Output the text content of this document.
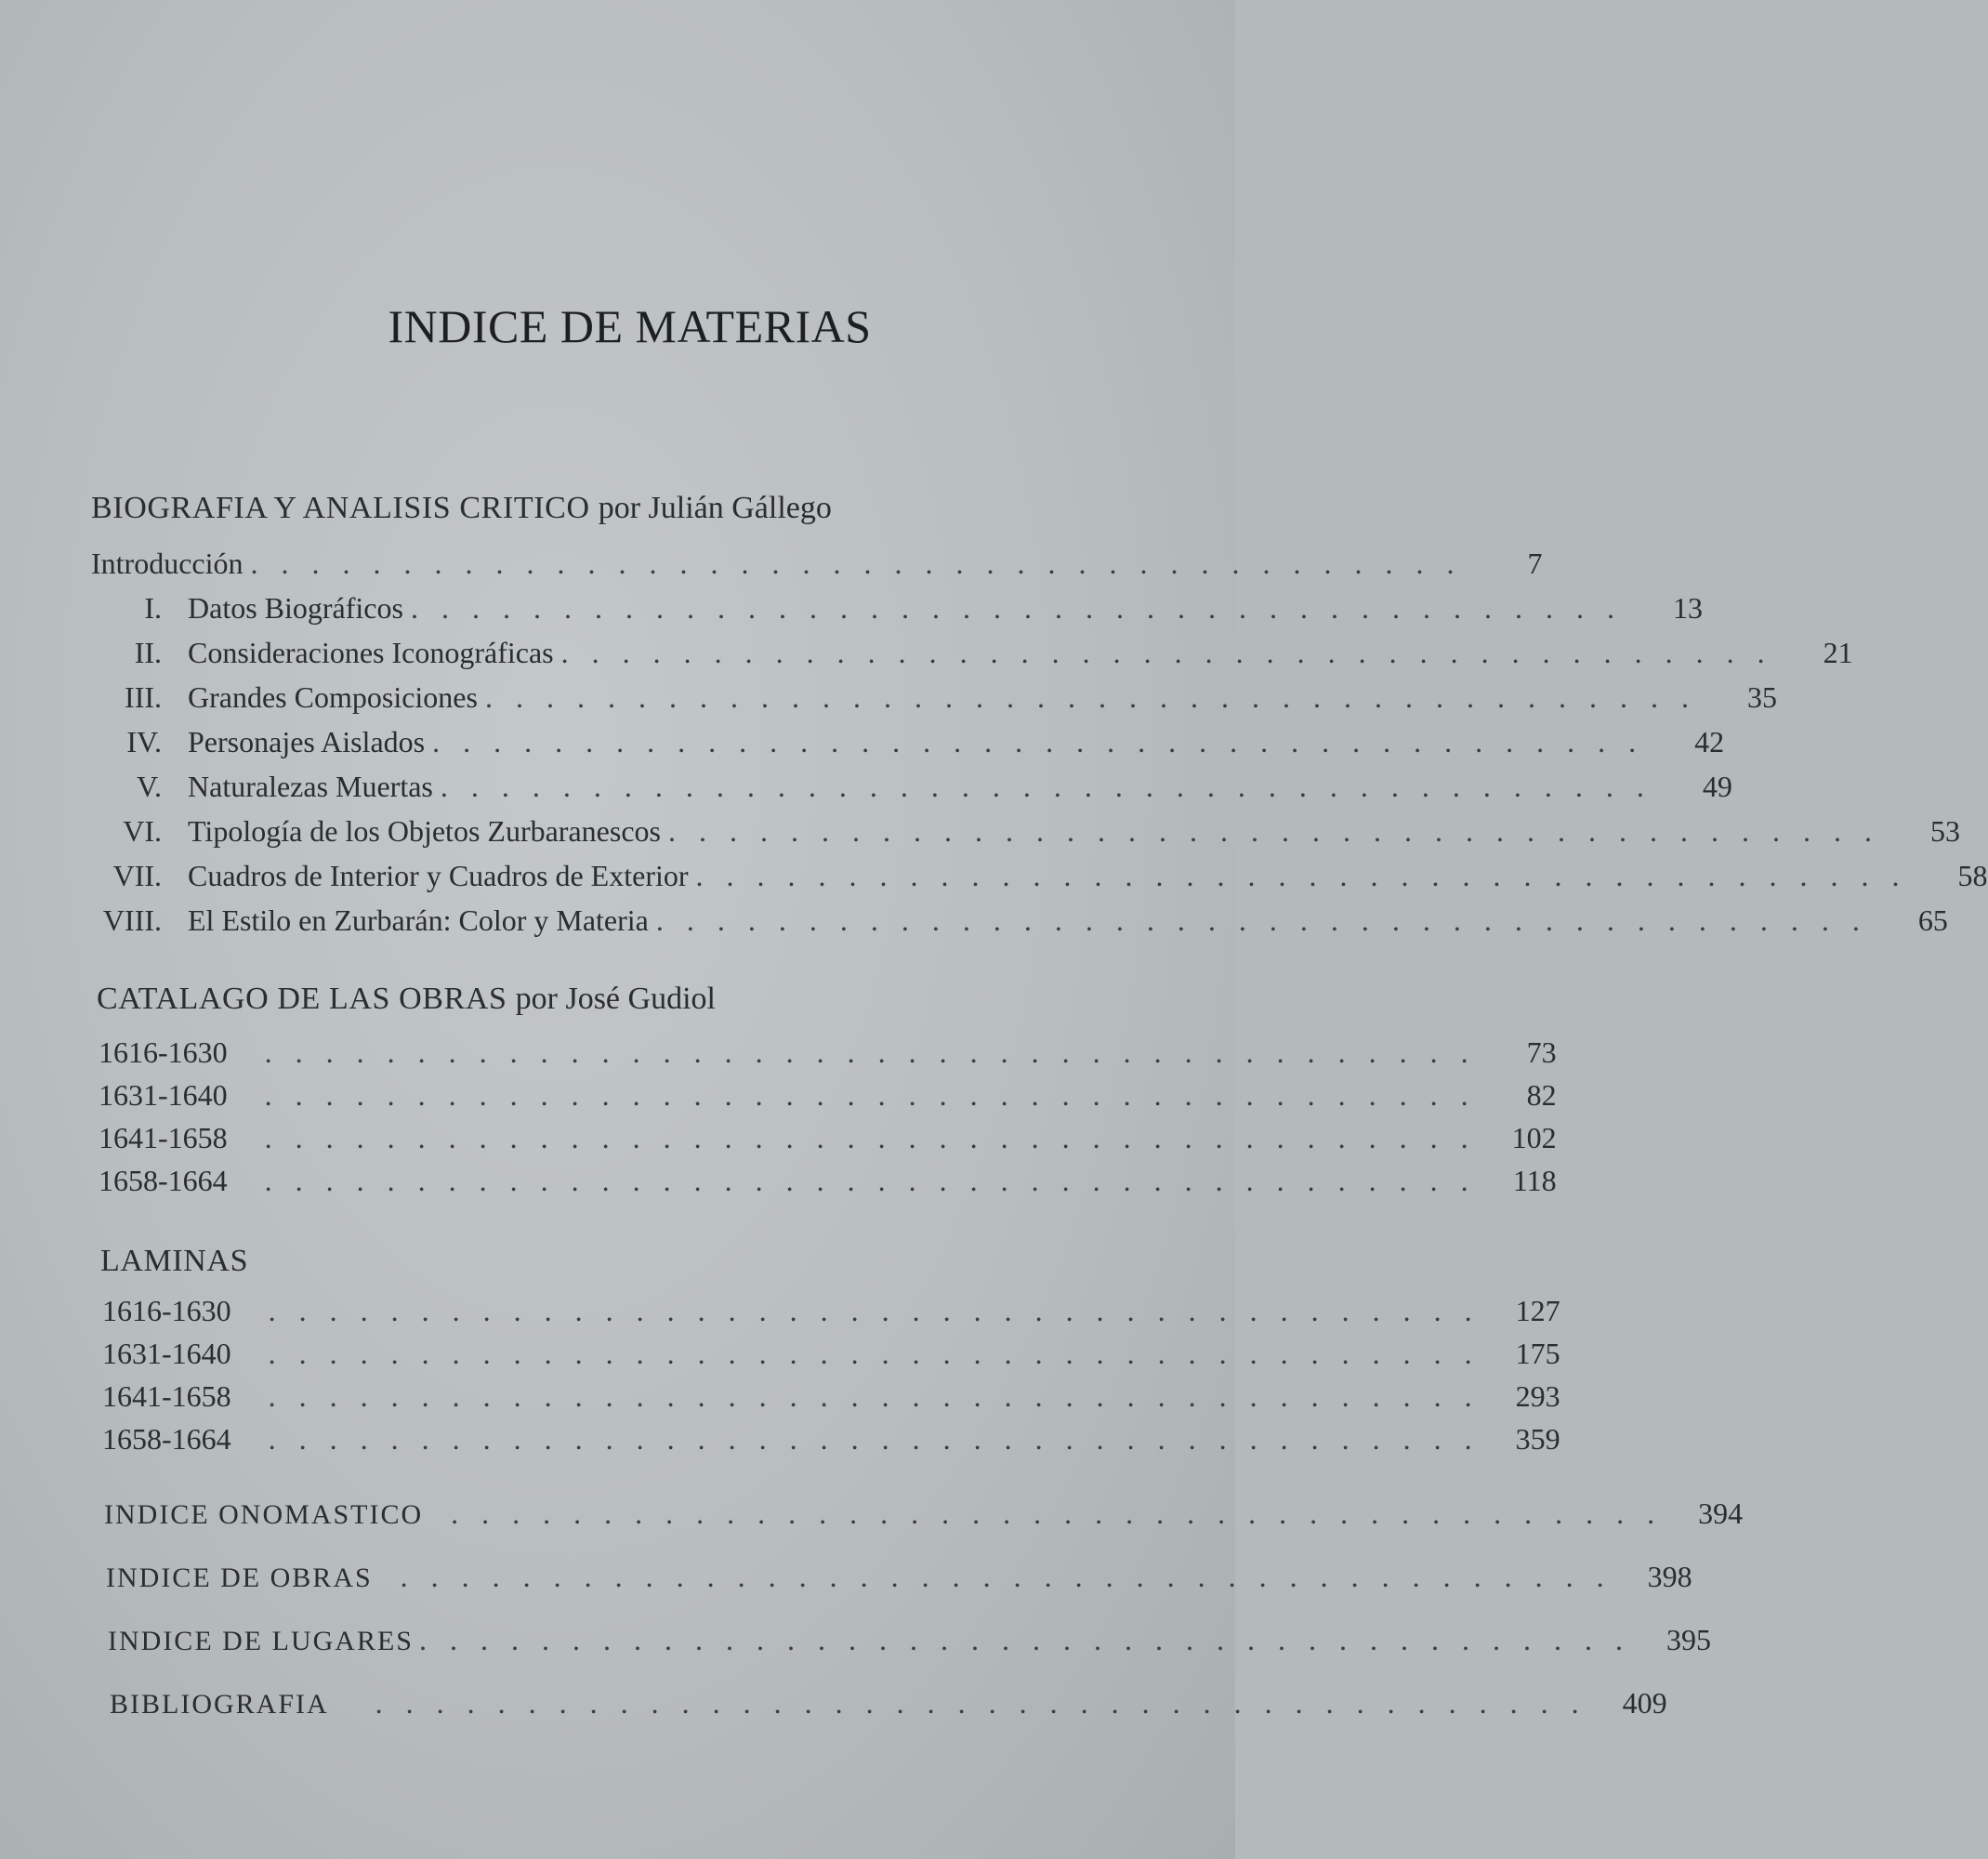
INDICE DE MATERIAS
BIOGRAFIA Y ANALISIS CRITICO por Julián Gállego
Introducción ........................................	7
I. Datos Biográficos ........................................	13
II. Consideraciones Iconográficas ........................................	21
III. Grandes Composiciones ........................................	35
IV. Personajes Aislados ........................................	42
V. Naturalezas Muertas ........................................	49
VI. Tipología de los Objetos Zurbaranescos ........................................	53
VII. Cuadros de Interior y Cuadros de Exterior ........................................	58
VIII. El Estilo en Zurbarán: Color y Materia ........................................	65
CATALAGO DE LAS OBRAS por José Gudiol
1616-1630 ........................................	73
1631-1640 ........................................	82
1641-1658 ........................................ 102
1658-1664 ........................................ 118
LAMINAS
1616-1630 ........................................ 127
1631-1640 ........................................ 175
1641-1658 ........................................ 293
1658-1664 ........................................ 359
INDICE ONOMASTICO ........................................ 394
INDICE DE OBRAS ........................................ 398
INDICE DE LUGARES ........................................ 395
BIBLIOGRAFIA ........................................ 409
